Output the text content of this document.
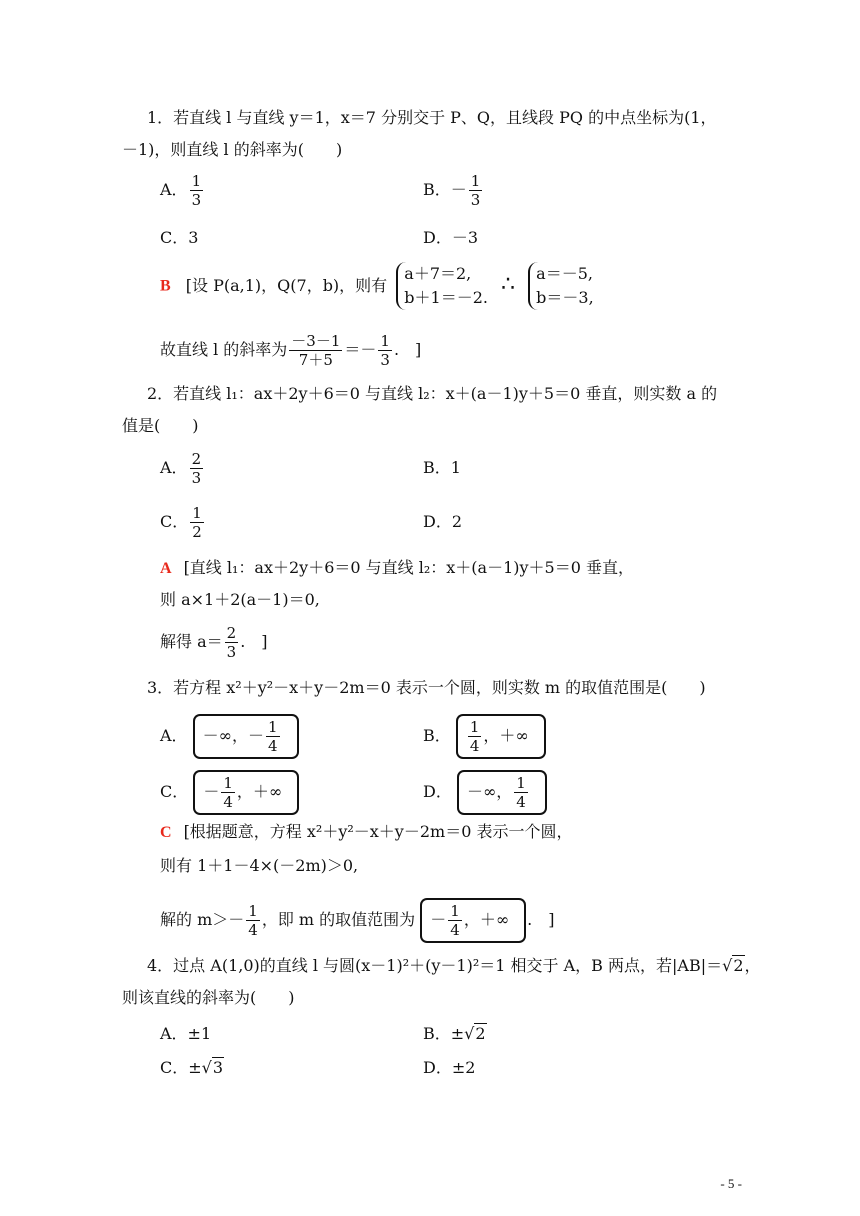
1．若直线 l 与直线 y＝1，x＝7 分别交于 P、Q，且线段 PQ 的中点坐标为(1，
－1)，则直线 l 的斜率为(　　)
A． $\frac{1}{3}$	B．－ $\frac{1}{3}$
C．3	D．－3
B [设 P(a,1)，Q(7，b)，则有
a＋7＝2,
b＋1＝－2.
∴ a＝－5,
b＝－3,
故直线 l 的斜率为 $\frac{-3-1}{7+5} =- \frac{1}{3}$ .　]
2．若直线 l₁：ax＋2y＋6＝0 与直线 l₂：x＋(a－1)y＋5＝0 垂直，则实数 a 的
值是(　　)
A． $\frac{2}{3}$	B．1
C． $\frac{1}{2}$	D．2
A [直线 l₁：ax＋2y＋6＝0 与直线 l₂：x＋(a－1)y＋5＝0 垂直，
则 a×1＋2(a－1)＝0,
解得 $a= \frac{2}{3}$ .　]
3．若方程 x²＋y²－x＋y－2m＝0 表示一个圆，则实数 m 的取值范围是(　　)
A． －∞，－ $\frac{1}{4}$	B． $\frac{1}{4}$ ，＋∞
C． － $\frac{1}{4}$ ，＋∞	D． －∞， $\frac{1}{4}$
C [根据题意，方程 x²＋y²－x＋y－2m＝0 表示一个圆，
则有 1＋1－4×(－2m)＞0,
解的 $m>- \frac{1}{4}$ ，即 m 的取值范围为 － $\frac{1}{4}$ ，＋∞ .　]
4．过点 A(1,0)的直线 l 与圆(x－1)²＋(y－1)²＝1 相交于 A，B 两点，若|AB|＝√2，
则该直线的斜率为(　　)
A．±1	B．±√2
C．±√3	D．±2
- 5 -
